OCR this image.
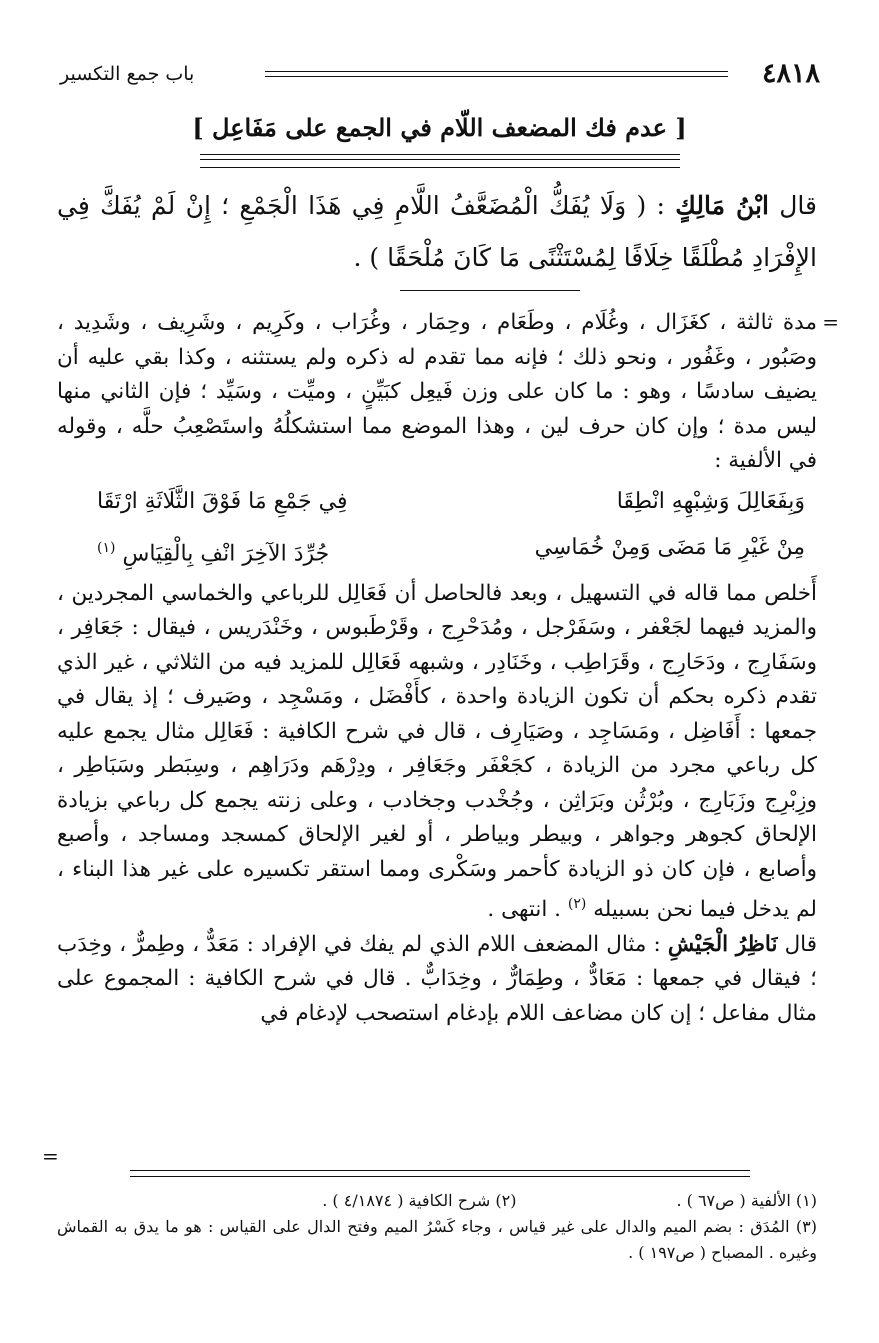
٤٨١٨
باب جمع التكسير
[ عدم فك المضعف اللّام في الجمع على مَفَاعِل ]
قال ابْنُ مَالِكٍ : ( وَلَا يُفَكُّ الْمُضَعَّفُ اللَّامِ فِي هَذَا الْجَمْعِ ؛ إِنْ لَمْ يُفَكَّ فِي الإِفْرَادِ مُطْلَقًا خِلَافًا لِمُسْتَثْنًى مَا كَانَ مُلْحَقًا ) .
=

مدة ثالثة ، كغَزَال ، وغُلَام ، وطَعَام ، وحِمَار ، وغُرَاب ، وكَرِيم ، وشَرِيف ، وشَدِيد ، وصَبُور ، وغَفُور ، ونحو ذلك ؛ فإنه مما تقدم له ذكره ولم يستثنه ، وكذا بقي عليه أن يضيف سادسًا ، وهو : ما كان على وزن فَيعِل كبَيِّنٍ ، وميِّت ، وسَيِّد ؛ فإن الثاني منها ليس مدة ؛ وإن كان حرف لين ، وهذا الموضع مما استشكلُهُ واستَصْعِبُ حلَّه ، وقوله في الألفية :

وَبِفَعَالِلَ وَشِبْهِهِ انْطِقَا
فِي جَمْعِ مَا فَوْقَ الثَّلَاثَةِ ارْتَقَا
مِنْ غَيْرِ مَا مَضَى وَمِنْ خُمَاسِي
جُرِّدَ الآخِرَ انْفِ بِالْقِيَاسِ $^{(١)}$

أَخلص مما قاله في التسهيل ، وبعد فالحاصل أن فَعَالِل للرباعي والخماسي المجردين ، والمزيد فيهما لجَعْفر ، وسَفَرْجل ، ومُدَحْرِج ، وقَرْطَبوس ، وخَنْدَريس ، فيقال : جَعَافِر ، وسَفَارِج ، ودَحَارِج ، وقَرَاطِب ، وخَنَادِر ، وشبهه فَعَالِل للمزيد فيه من الثلاثي ، غير الذي تقدم ذكره بحكم أن تكون الزيادة واحدة ، كأَفْضَل ، ومَسْجِد ، وصَيرف ؛ إذ يقال في جمعها : أَفَاضِل ، ومَسَاجِد ، وصَيَارِف ، قال في شرح الكافية : فَعَالِل مثال يجمع عليه كل رباعي مجرد من الزيادة ، كجَعْفَر وجَعَافِر ، ودِرْهَم ودَرَاهِم ، وسِبَطر وسَبَاطِر ، وزِبْرِج وزَبَارِج ، وبُرْثُن وبَرَاثِن ، وجُخْدب وجخادب ، وعلى زنته يجمع كل رباعي بزيادة الإلحاق كجوهر وجواهر ، وبيطر وبياطر ، أو لغير الإلحاق كمسجد ومساجد ، وأصبع وأصابع ، فإن كان ذو الزيادة كأحمر وسَكْرى ومما استقر تكسيره على غير هذا البناء ، لم يدخل فيما نحن بسبيله $^{(٢)}$ . انتهى .

قال نَاظِرُ الْجَيْشِ : مثال المضعف اللام الذي لم يفك في الإفراد : مَعَدٌّ ، وطِمرٌّ ، وخِدَب ؛ فيقال في جمعها : مَعَادٌّ ، وطِمَارٌّ ، وخِدَابٌّ . قال في شرح الكافية : المجموع على مثال مفاعل ؛ إن كان مضاعف اللام بإدغام استصحب لإدغام في

=
(١) الألفية ( ص٦٧ ) .
(٢) شرح الكافية ( ٤/١٨٧٤ ) .

(٣) المُدَق : بضم الميم والدال على غير قياس ، وجاء كَسْرُ الميم وفتح الدال على القياس : هو ما يدق به القماش وغيره . المصباح ( ص١٩٧ ) .
